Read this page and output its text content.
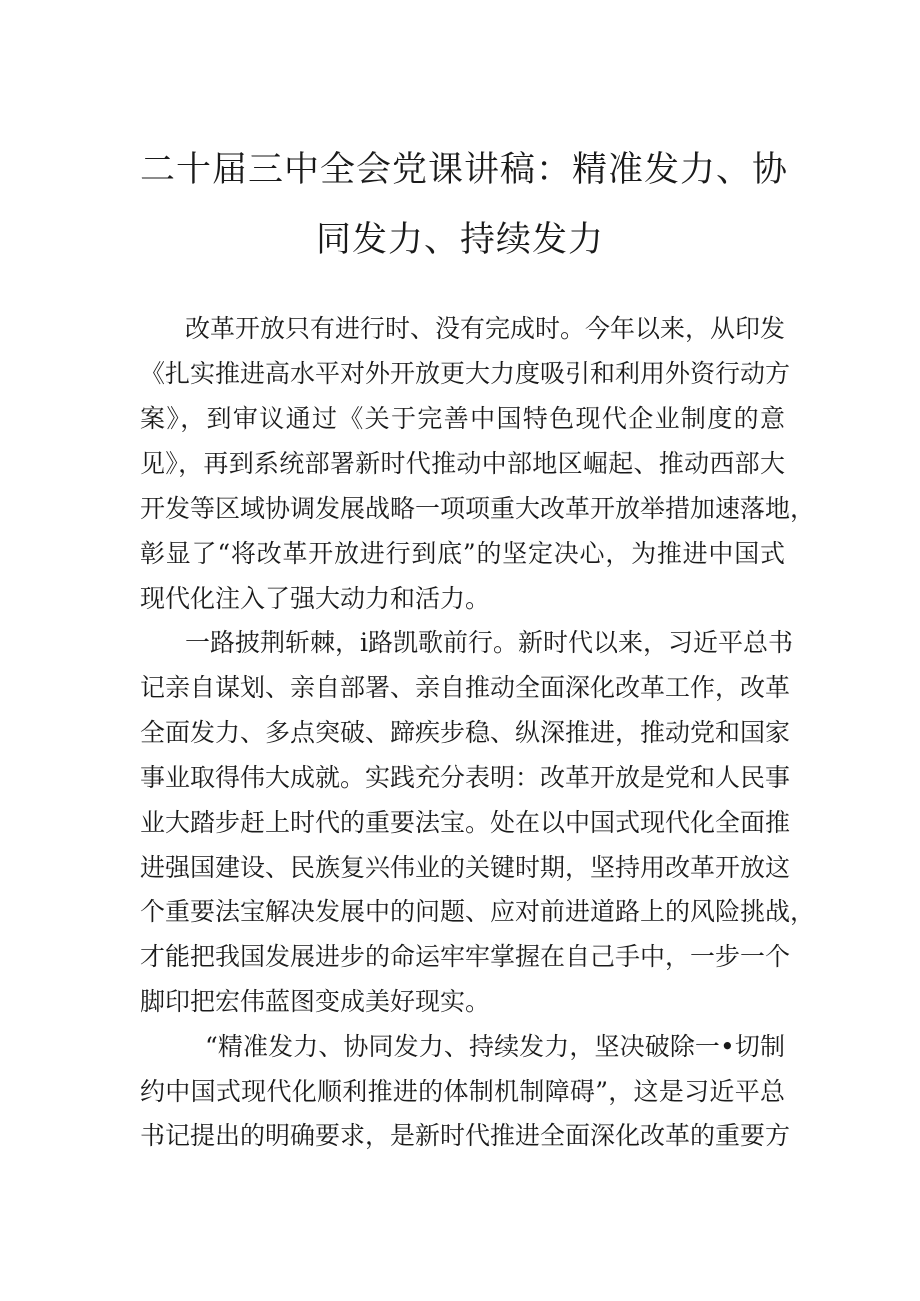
二十届三中全会党课讲稿：精准发力、协
同发力、持续发力
改革开放只有进行时、没有完成时。今年以来，从印发
《扎实推进高水平对外开放更大力度吸引和利用外资行动方
案》，到审议通过《关于完善中国特色现代企业制度的意
见》，再到系统部署新时代推动中部地区崛起、推动西部大
开发等区域协调发展战略一项项重大改革开放举措加速落地，
彰显了“将改革开放进行到底”的坚定决心，为推进中国式
现代化注入了强大动力和活力。
一路披荆斩棘，i路凯歌前行。新时代以来，习近平总书
记亲自谋划、亲自部署、亲自推动全面深化改革工作，改革
全面发力、多点突破、蹄疾步稳、纵深推进，推动党和国家
事业取得伟大成就。实践充分表明：改革开放是党和人民事
业大踏步赶上时代的重要法宝。处在以中国式现代化全面推
进强国建设、民族复兴伟业的关键时期，坚持用改革开放这
个重要法宝解决发展中的问题、应对前进道路上的风险挑战，
才能把我国发展进步的命运牢牢掌握在自己手中，一步一个
脚印把宏伟蓝图变成美好现实。
“精准发力、协同发力、持续发力，坚决破除一•切制
约中国式现代化顺利推进的体制机制障碍”，这是习近平总
书记提出的明确要求，是新时代推进全面深化改革的重要方
